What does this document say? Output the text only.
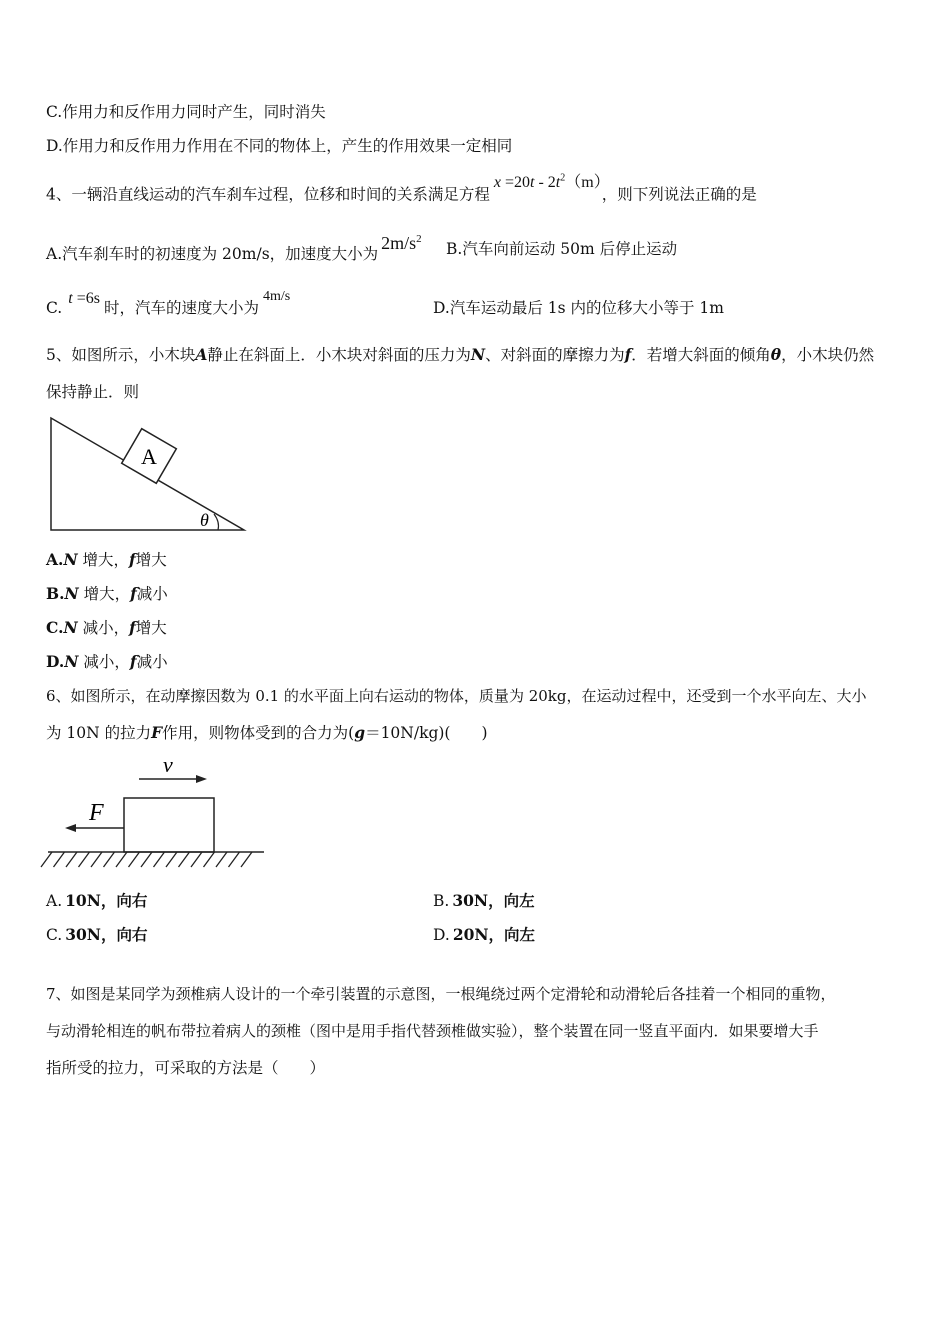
C.作用力和反作用力同时产生，同时消失
D.作用力和反作用力作用在不同的物体上，产生的作用效果一定相同
4、一辆沿直线运动的汽车刹车过程，位移和时间的关系满足方程$x =20t - 2t^2(m)$，则下列说法正确的是
A.汽车刹车时的初速度为 20m/s，加速度大小为$2m/s^2$
B.汽车向前运动 50m 后停止运动
C.t =6s时，汽车的速度大小为4m/s
D.汽车运动最后 1s 内的位移大小等于 1m
5、如图所示，小木块A静止在斜面上．小木块对斜面的压力为N、对斜面的摩擦力为f．若增大斜面的倾角θ，小木块仍然
保持静止．则
A
θ
A.N 增大，f增大
B.N 增大，f减小
C.N 减小，f增大
D.N 减小，f减小
6、如图所示，在动摩擦因数为 0.1 的水平面上向右运动的物体，质量为 20kg，在运动过程中，还受到一个水平向左、大小
为 10N 的拉力F作用，则物体受到的合力为(g＝10N/kg)(　　)
v
F
A. 10N，向右	B. 30N，向左
C. 30N，向右	D. 20N，向左
7、如图是某同学为颈椎病人设计的一个牵引装置的示意图，一根绳绕过两个定滑轮和动滑轮后各挂着一个相同的重物，
与动滑轮相连的帆布带拉着病人的颈椎（图中是用手指代替颈椎做实验），整个装置在同一竖直平面内．如果要增大手
指所受的拉力，可采取的方法是（　　）
